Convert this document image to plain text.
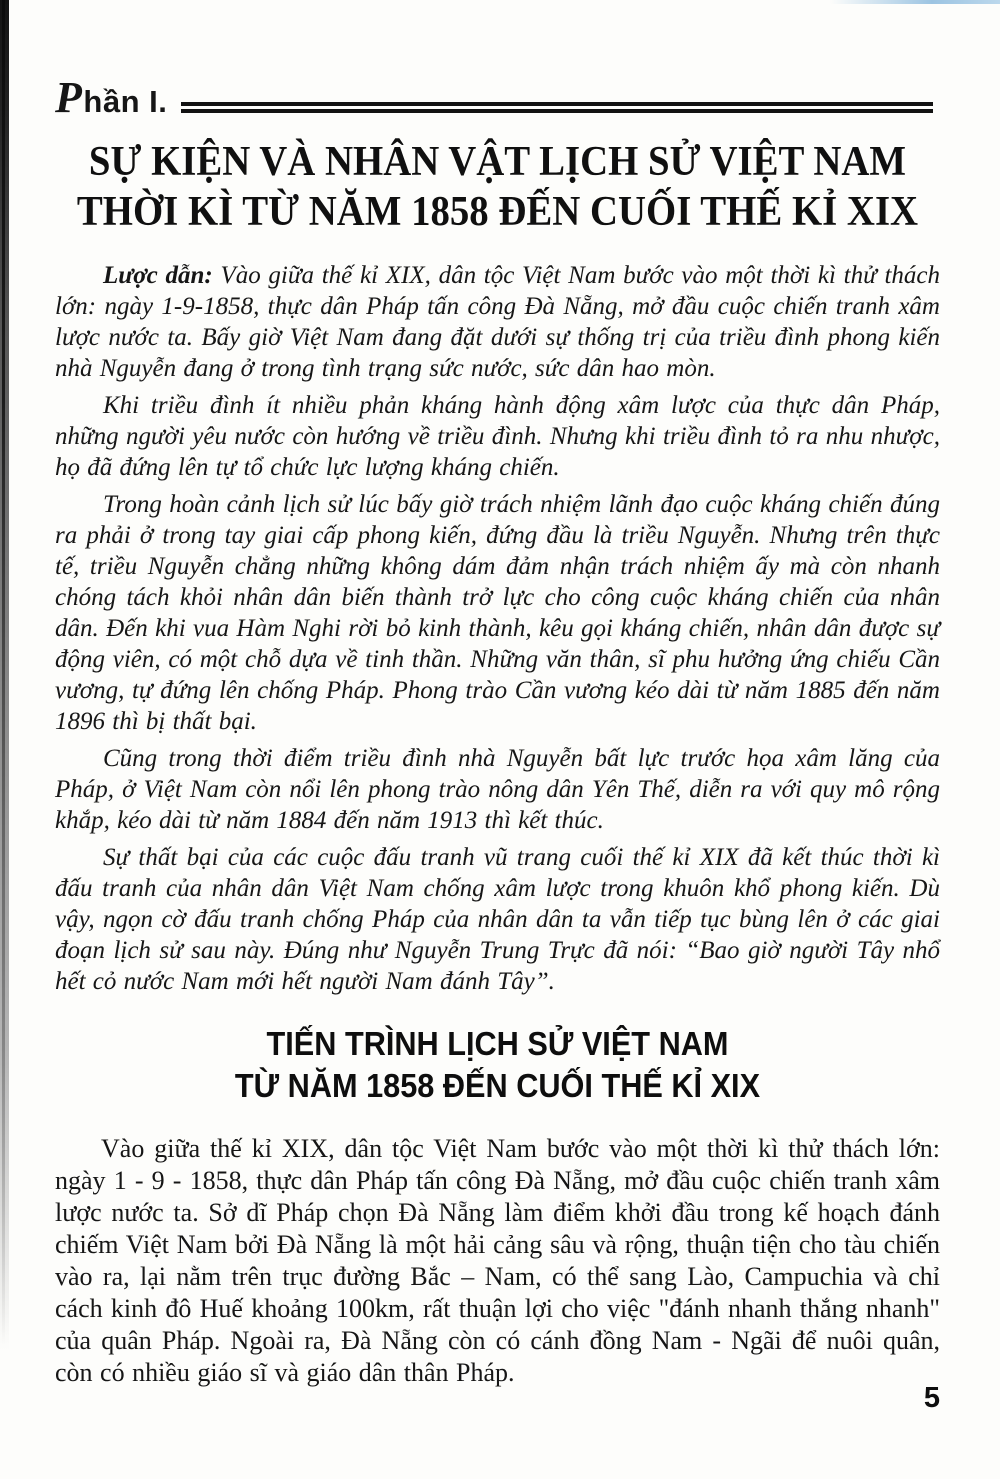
Phần I.
SỰ KIỆN VÀ NHÂN VẬT LỊCH SỬ VIỆT NAM
THỜI KÌ TỪ NĂM 1858 ĐẾN CUỐI THẾ KỈ XIX

Lược dẫn: Vào giữa thế kỉ XIX, dân tộc Việt Nam bước vào một thời kì thử thách lớn: ngày 1-9-1858, thực dân Pháp tấn công Đà Nẵng, mở đầu cuộc chiến tranh xâm lược nước ta. Bấy giờ Việt Nam đang đặt dưới sự thống trị của triều đình phong kiến nhà Nguyễn đang ở trong tình trạng sức nước, sức dân hao mòn.

Khi triều đình ít nhiều phản kháng hành động xâm lược của thực dân Pháp, những người yêu nước còn hướng về triều đình. Nhưng khi triều đình tỏ ra nhu nhược, họ đã đứng lên tự tổ chức lực lượng kháng chiến.

Trong hoàn cảnh lịch sử lúc bấy giờ trách nhiệm lãnh đạo cuộc kháng chiến đúng ra phải ở trong tay giai cấp phong kiến, đứng đầu là triều Nguyễn. Nhưng trên thực tế, triều Nguyễn chẳng những không dám đảm nhận trách nhiệm ấy mà còn nhanh chóng tách khỏi nhân dân biến thành trở lực cho công cuộc kháng chiến của nhân dân. Đến khi vua Hàm Nghi rời bỏ kinh thành, kêu gọi kháng chiến, nhân dân được sự động viên, có một chỗ dựa về tinh thần. Những văn thân, sĩ phu hưởng ứng chiếu Cần vương, tự đứng lên chống Pháp. Phong trào Cần vương kéo dài từ năm 1885 đến năm 1896 thì bị thất bại.

Cũng trong thời điểm triều đình nhà Nguyễn bất lực trước họa xâm lăng của Pháp, ở Việt Nam còn nổi lên phong trào nông dân Yên Thế, diễn ra với quy mô rộng khắp, kéo dài từ năm 1884 đến năm 1913 thì kết thúc.

Sự thất bại của các cuộc đấu tranh vũ trang cuối thế kỉ XIX đã kết thúc thời kì đấu tranh của nhân dân Việt Nam chống xâm lược trong khuôn khổ phong kiến. Dù vậy, ngọn cờ đấu tranh chống Pháp của nhân dân ta vẫn tiếp tục bùng lên ở các giai đoạn lịch sử sau này. Đúng như Nguyễn Trung Trực đã nói: “Bao giờ người Tây nhổ hết cỏ nước Nam mới hết người Nam đánh Tây”.

TIẾN TRÌNH LỊCH SỬ VIỆT NAM
TỪ NĂM 1858 ĐẾN CUỐI THẾ KỈ XIX

Vào giữa thế kỉ XIX, dân tộc Việt Nam bước vào một thời kì thử thách lớn: ngày 1 - 9 - 1858, thực dân Pháp tấn công Đà Nẵng, mở đầu cuộc chiến tranh xâm lược nước ta. Sở dĩ Pháp chọn Đà Nẵng làm điểm khởi đầu trong kế hoạch đánh chiếm Việt Nam bởi Đà Nẵng là một hải cảng sâu và rộng, thuận tiện cho tàu chiến vào ra, lại nằm trên trục đường Bắc – Nam, có thể sang Lào, Campuchia và chỉ cách kinh đô Huế khoảng 100km, rất thuận lợi cho việc "đánh nhanh thắng nhanh" của quân Pháp. Ngoài ra, Đà Nẵng còn có cánh đồng Nam - Ngãi để nuôi quân, còn có nhiều giáo sĩ và giáo dân thân Pháp.

5
